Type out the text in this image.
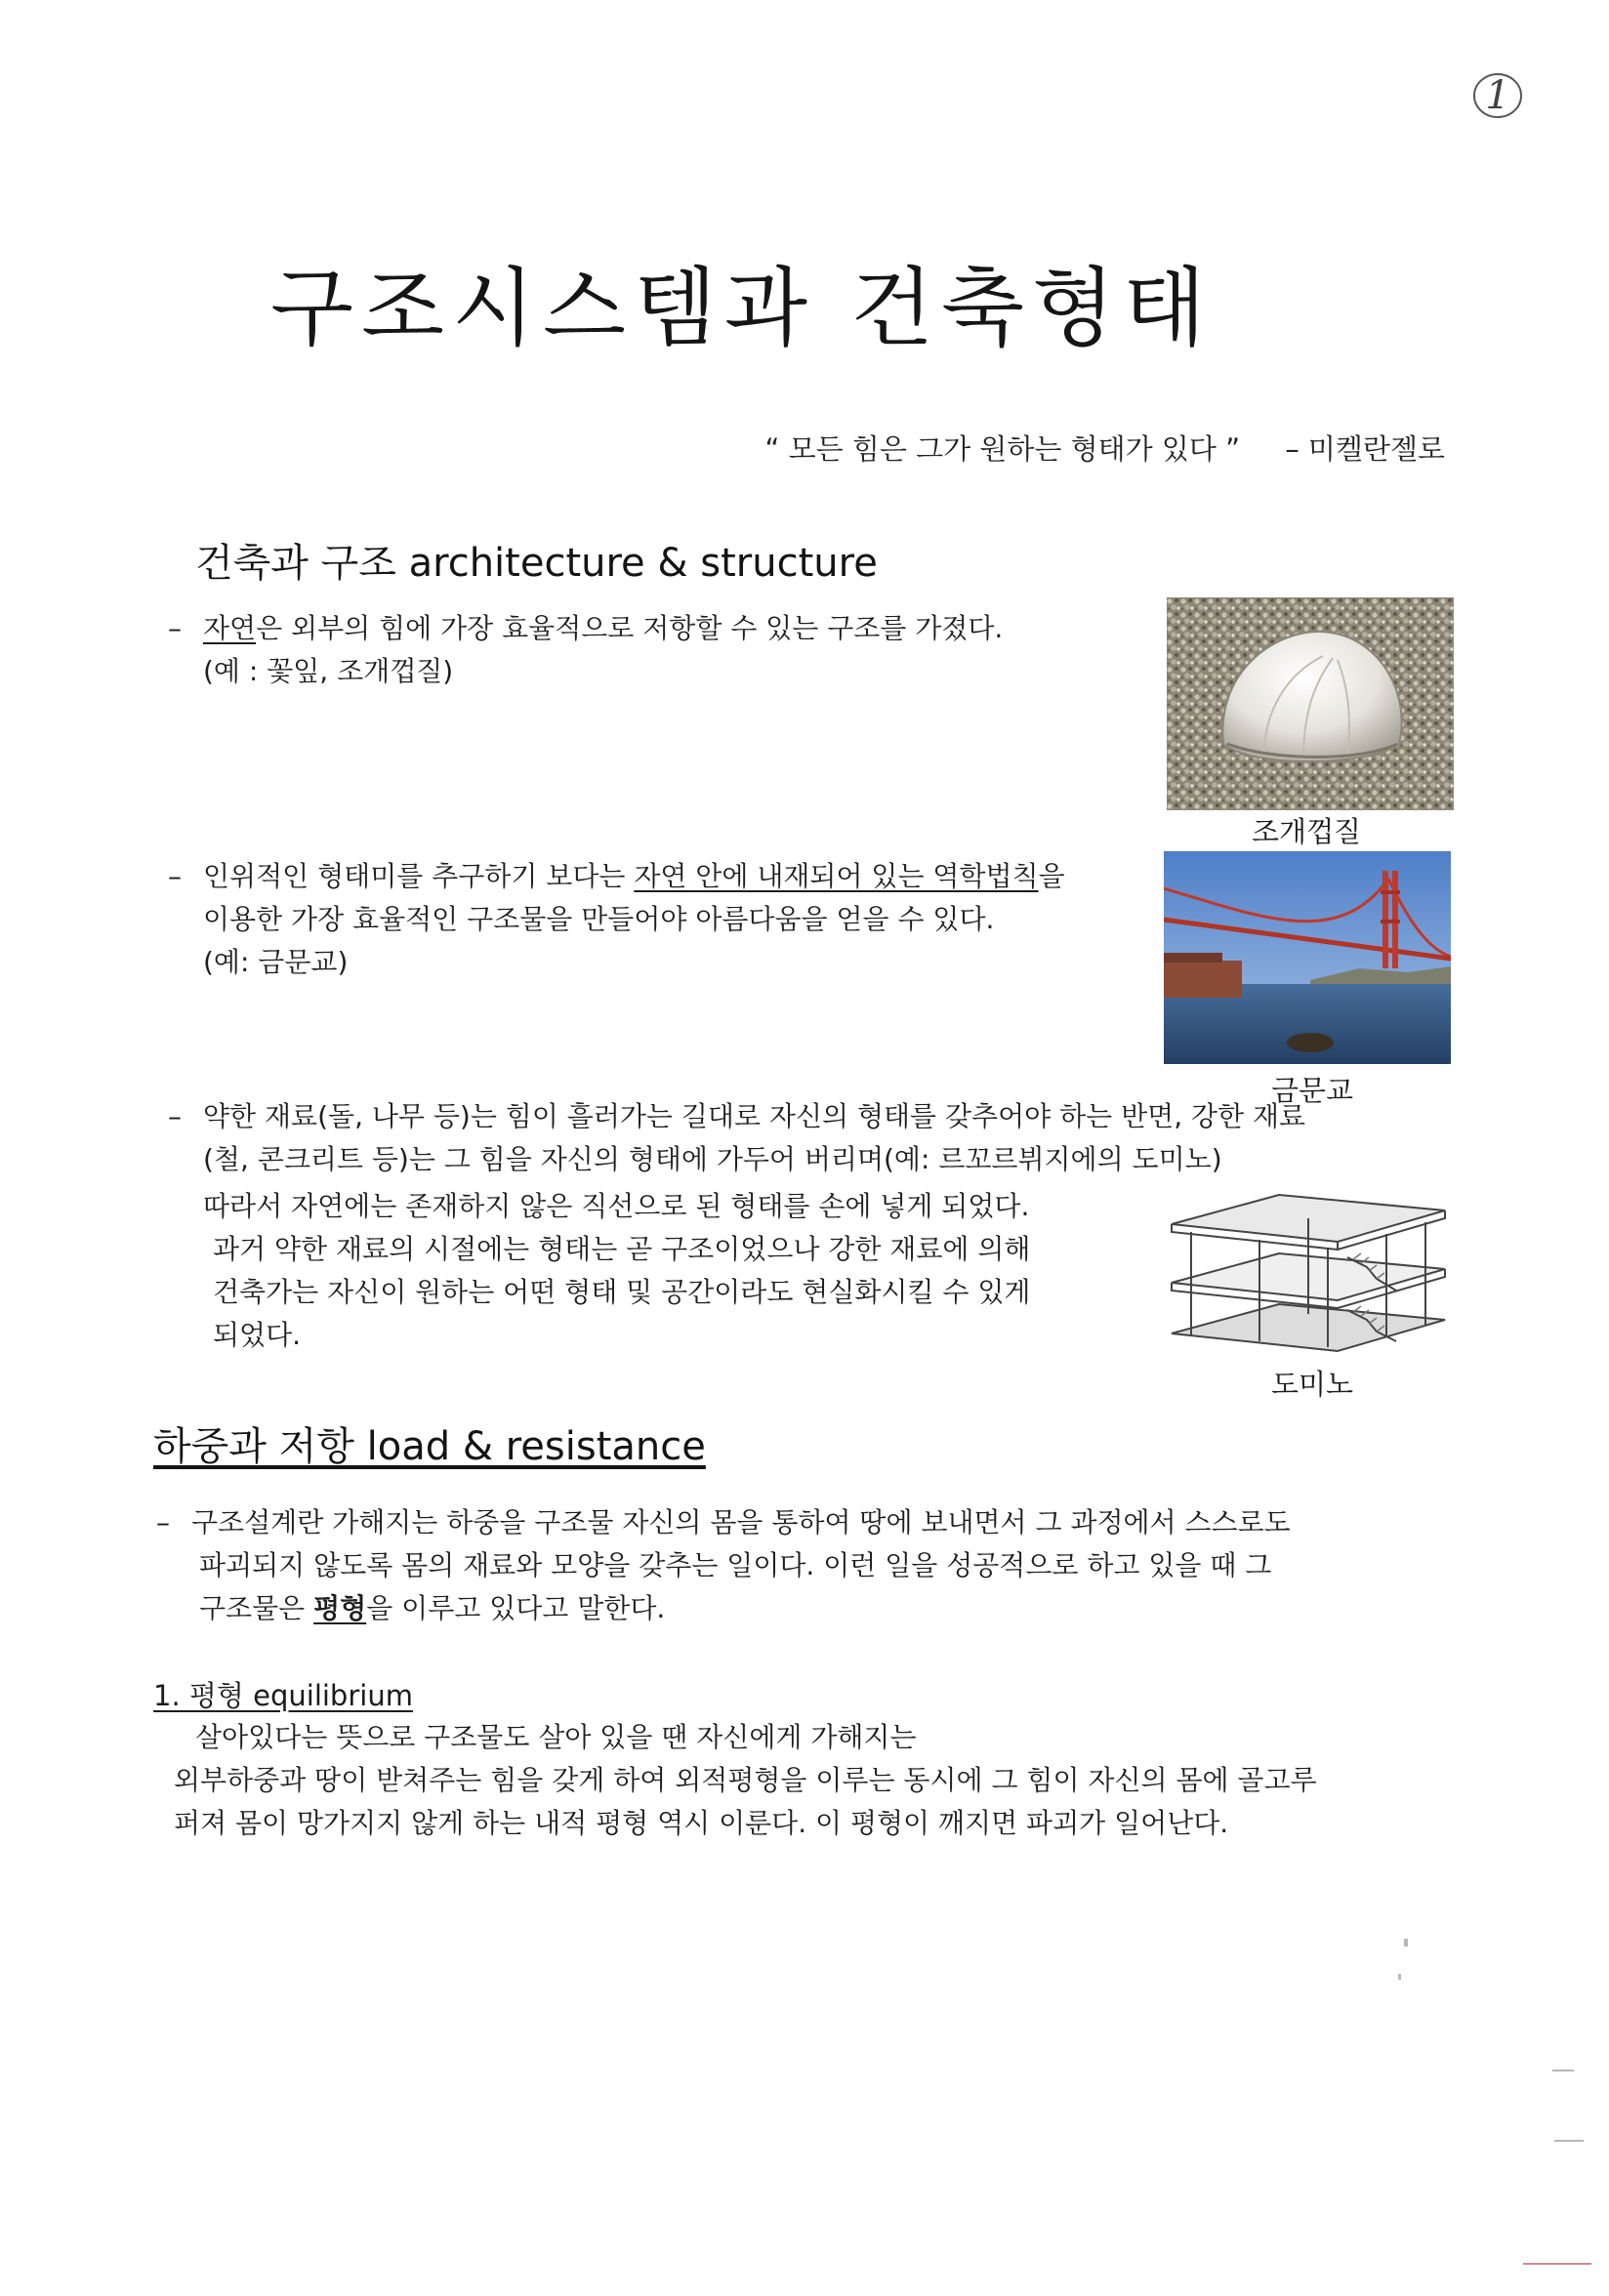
1
구조시스템과 건축형태
“ 모든 힘은 그가 원하는 형태가 있다 ” – 미켈란젤로
건축과 구조 architecture & structure
– 자연은 외부의 힘에 가장 효율적으로 저항할 수 있는 구조를 가졌다.
(예 : 꽃잎, 조개껍질)
조개껍질
– 인위적인 형태미를 추구하기 보다는 자연 안에 내재되어 있는 역학법칙을
이용한 가장 효율적인 구조물을 만들어야 아름다움을 얻을 수 있다.
(예: 금문교)
금문교
– 약한 재료(돌, 나무 등)는 힘이 흘러가는 길대로 자신의 형태를 갖추어야 하는 반면, 강한 재료
(철, 콘크리트 등)는 그 힘을 자신의 형태에 가두어 버리며(예: 르꼬르뷔지에의 도미노)
따라서 자연에는 존재하지 않은 직선으로 된 형태를 손에 넣게 되었다.
과거 약한 재료의 시절에는 형태는 곧 구조이었으나 강한 재료에 의해
건축가는 자신이 원하는 어떤 형태 및 공간이라도 현실화시킬 수 있게
되었다.
도미노
하중과 저항 load & resistance
– 구조설계란 가해지는 하중을 구조물 자신의 몸을 통하여 땅에 보내면서 그 과정에서 스스로도
파괴되지 않도록 몸의 재료와 모양을 갖추는 일이다. 이런 일을 성공적으로 하고 있을 때 그
구조물은 평형을 이루고 있다고 말한다.
1. 평형 equilibrium
살아있다는 뜻으로 구조물도 살아 있을 땐 자신에게 가해지는
외부하중과 땅이 받쳐주는 힘을 갖게 하여 외적평형을 이루는 동시에 그 힘이 자신의 몸에 골고루
퍼져 몸이 망가지지 않게 하는 내적 평형 역시 이룬다. 이 평형이 깨지면 파괴가 일어난다.
